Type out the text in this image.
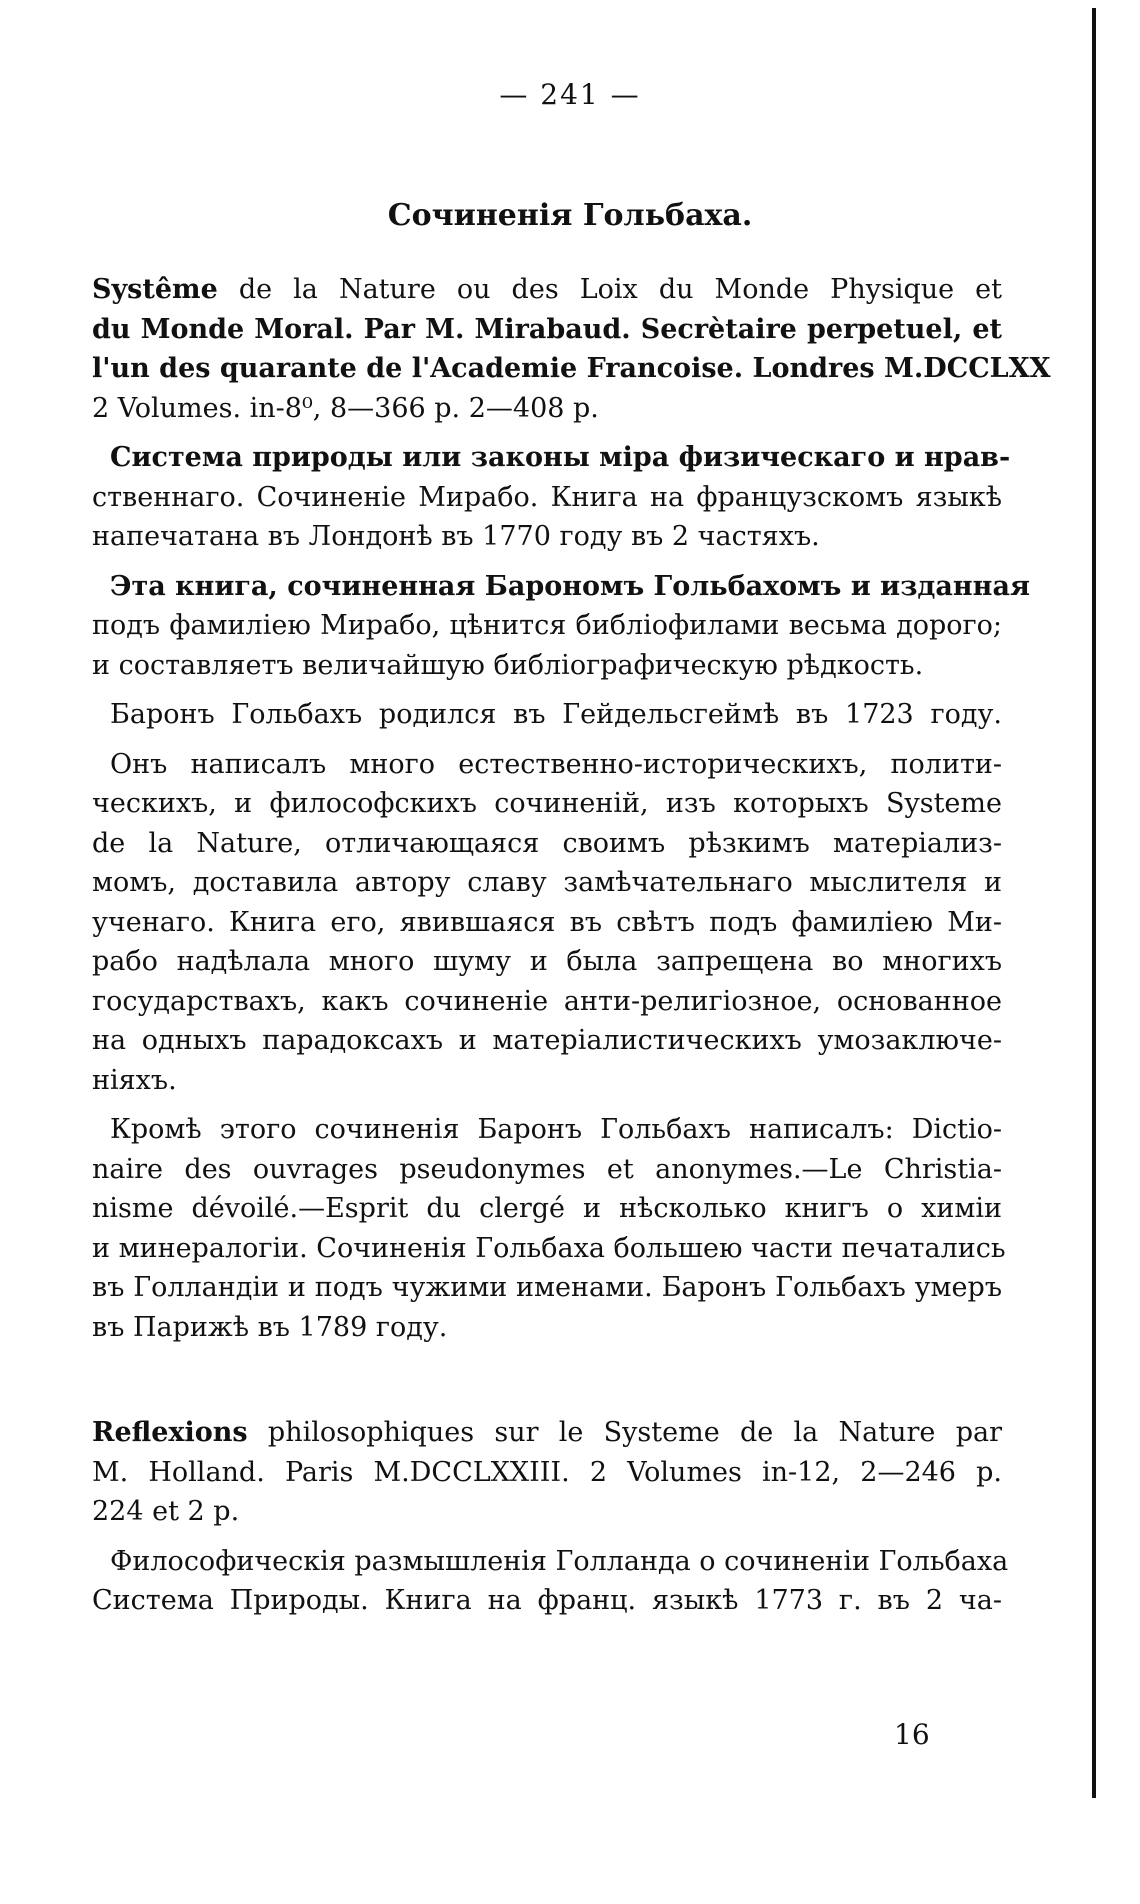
— 241 —
Сочиненія Гольбаха.
Systême de la Nature ou des Loix du Monde Physique et
du Monde Moral. Par M. Mirabaud. Secrètaire perpetuel, et
l'un des quarante de l'Academie Francoise. Londres M.DCCLXX
2 Volumes. in-8⁰, 8—366 p. 2—408 p.
Система природы или законы міра физическаго и нрав-
ственнаго. Сочиненіе Мирабо. Книга на французскомъ языкѣ
напечатана въ Лондонѣ въ 1770 году въ 2 частяхъ.
Эта книга, сочиненная Барономъ Гольбахомъ и изданная
подъ фамиліею Мирабо, цѣнится библіофилами весьма дорого;
и составляетъ величайшую библіографическую рѣдкость.
Баронъ Гольбахъ родился въ Гейдельсгеймѣ въ 1723 году.
Онъ написалъ много естественно-историческихъ, полити-
ческихъ, и философскихъ сочиненій, изъ которыхъ Systeme
de la Nature, отличающаяся своимъ рѣзкимъ матеріализ-
момъ, доставила автору славу замѣчательнаго мыслителя и
ученаго. Книга его, явившаяся въ свѣтъ подъ фамиліею Ми-
рабо надѣлала много шуму и была запрещена во многихъ
государствахъ, какъ сочиненіе анти-религіозное, основанное
на одныхъ парадоксахъ и матеріалистическихъ умозаключе-
ніяхъ.
Кромѣ этого сочиненія Баронъ Гольбахъ написалъ: Dictio-
naire des ouvrages pseudonymes et anonymes.—Le Christia-
nisme dévoilé.—Esprit du clergé и нѣсколько книгъ о химіи
и минералогіи. Сочиненія Гольбаха большею части печатались
въ Голландіи и подъ чужими именами. Баронъ Гольбахъ умеръ
въ Парижѣ въ 1789 году.
Reflexions philosophiques sur le Systeme de la Nature par
M. Holland. Paris M.DCCLXXIII. 2 Volumes in-12, 2—246 p.
224 et 2 p.
Философическія размышленія Голланда о сочиненіи Гольбаха
Система Природы. Книга на франц. языкѣ 1773 г. въ 2 ча-
16
